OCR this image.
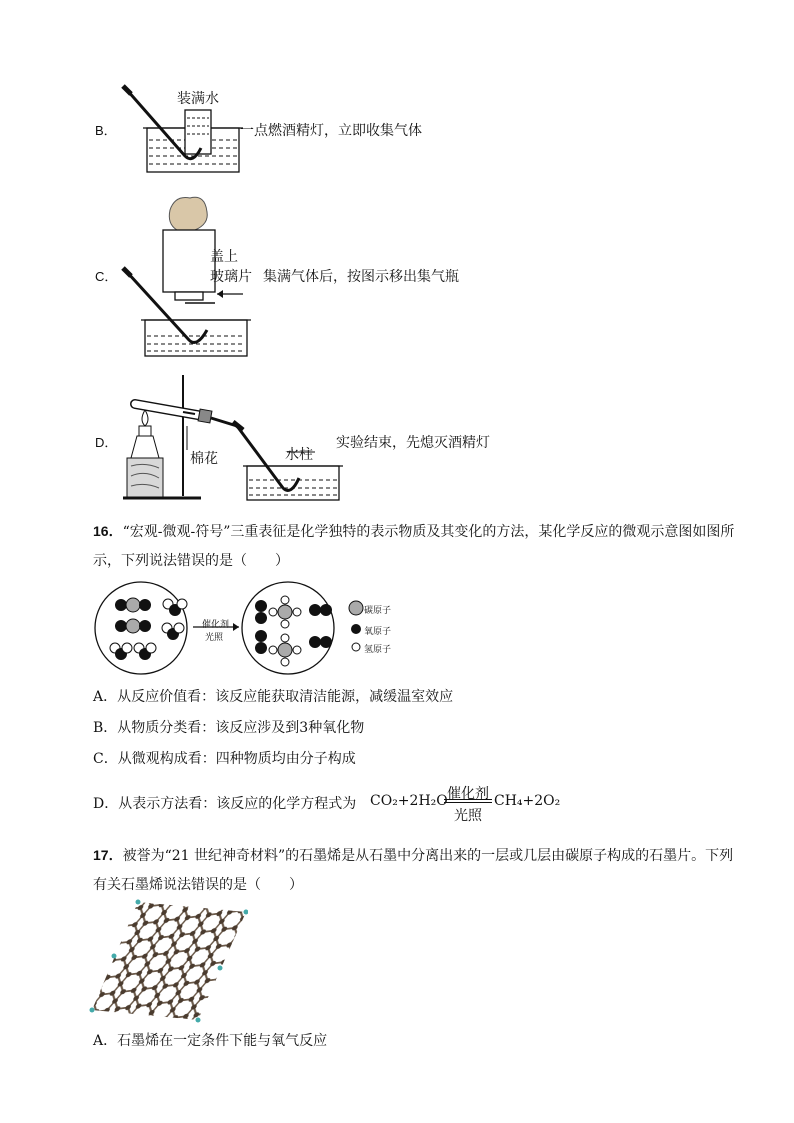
B．
装满水
一点燃酒精灯，立即收集气体
C．
盖上
玻璃片 集满气体后，按图示移出集气瓶
D．
棉花	水柱
实验结束，先熄灭酒精灯
16．“宏观-微观-符号”三重表征是化学独特的表示物质及其变化的方法，某化学反应的微观示意图如图所
示，下列说法错误的是（　　）
催化剂
光照
碳原子
氧原子
氢原子
A．从反应价值看：该反应能获取清洁能源，减缓温室效应
B．从物质分类看：该反应涉及到3种氧化物
C．从微观构成看：四种物质均由分子构成
D．从表示方法看：该反应的化学方程式为 CO₂+2H₂O 催化剂
光照
CH₄+2O₂
17．被誉为“21 世纪神奇材料”的石墨烯是从石墨中分离出来的一层或几层由碳原子构成的石墨片。下列
有关石墨烯说法错误的是（　　）
A．石墨烯在一定条件下能与氧气反应
